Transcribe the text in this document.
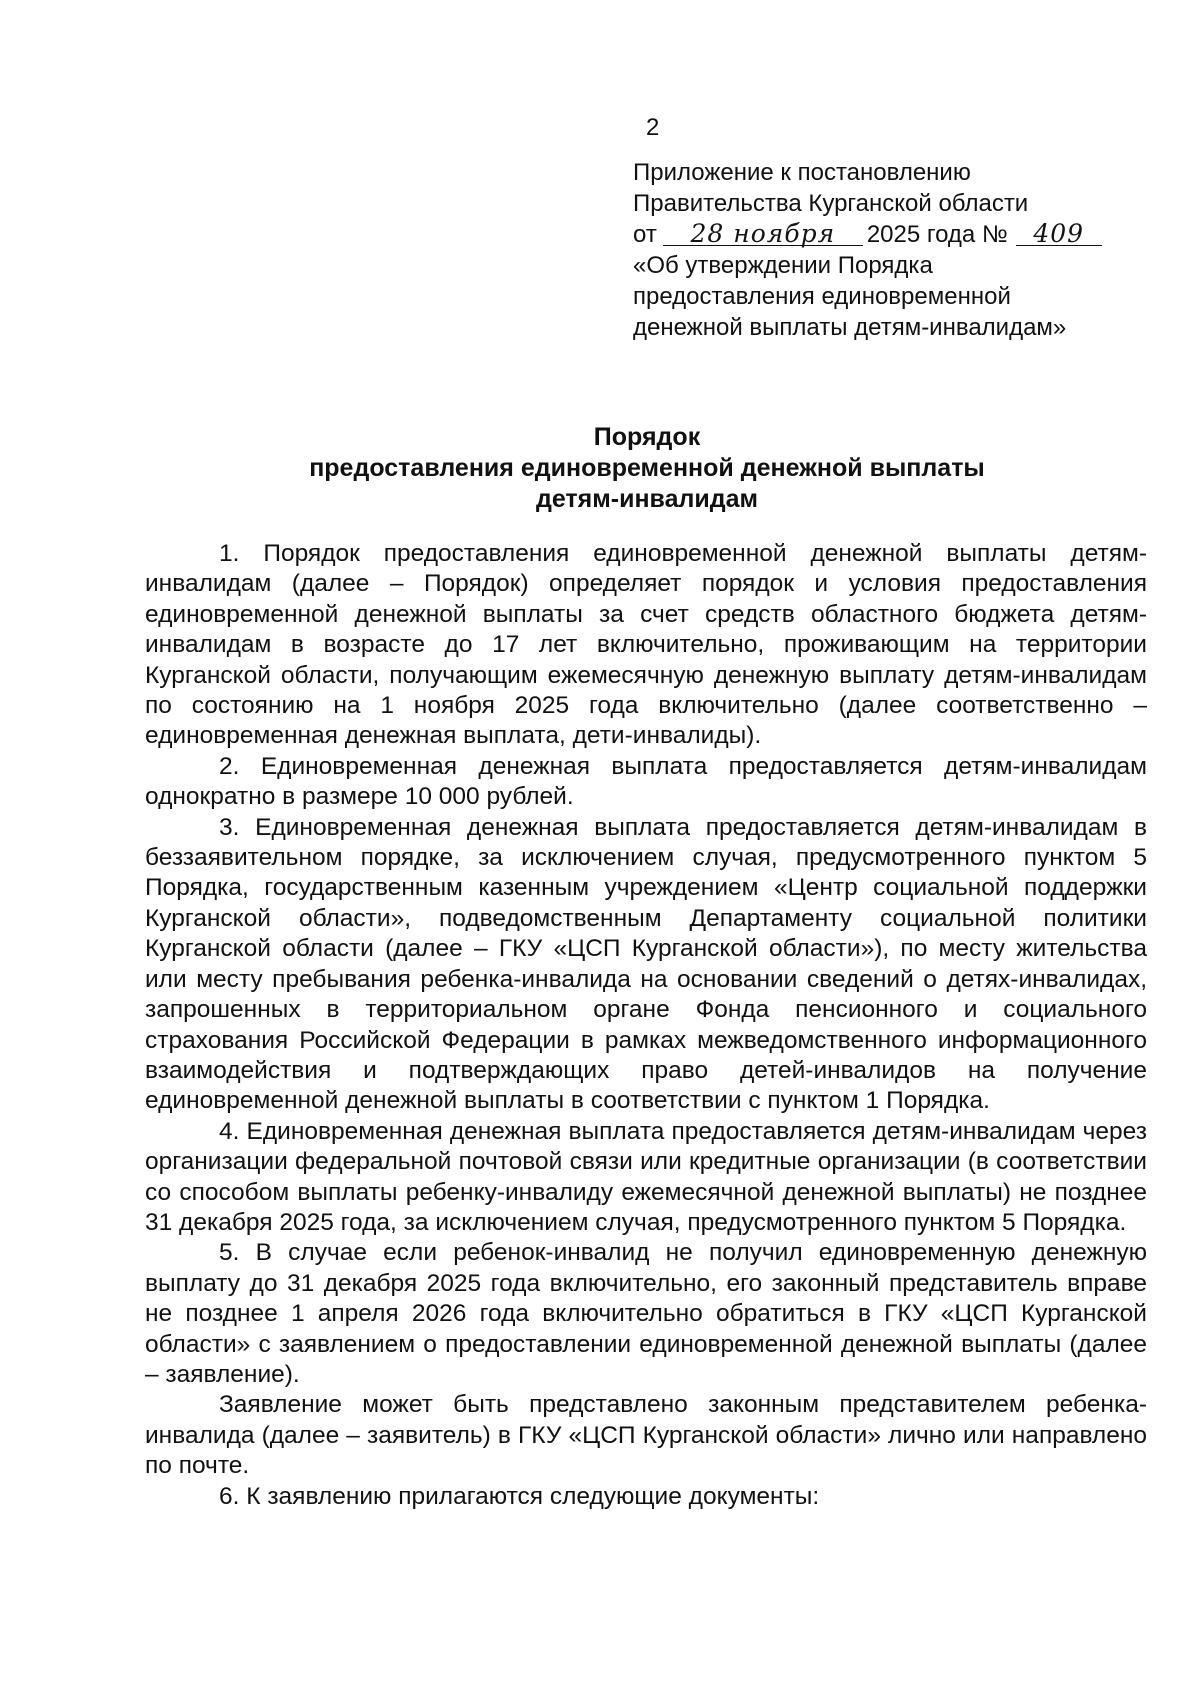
2
Приложение к постановлению
Правительства Курганской области
от 28 ноября 2025 года № 409
«Об утверждении Порядка
предоставления единовременной
денежной выплаты детям-инвалидам»
Порядок
предоставления единовременной денежной выплаты
детям-инвалидам

1. Порядок предоставления единовременной денежной выплаты детям-инвалидам (далее – Порядок) определяет порядок и условия предоставления единовременной денежной выплаты за счет средств областного бюджета детям-инвалидам в возрасте до 17 лет включительно, проживающим на территории Курганской области, получающим ежемесячную денежную выплату детям-инвалидам по состоянию на 1 ноября 2025 года включительно (далее соответственно – единовременная денежная выплата, дети-инвалиды).

2. Единовременная денежная выплата предоставляется детям-инвалидам однократно в размере 10 000 рублей.

3. Единовременная денежная выплата предоставляется детям-инвалидам в беззаявительном порядке, за исключением случая, предусмотренного пунктом 5 Порядка, государственным казенным учреждением «Центр социальной поддержки Курганской области», подведомственным Департаменту социальной политики Курганской области (далее – ГКУ «ЦСП Курганской области»), по месту жительства или месту пребывания ребенка-инвалида на основании сведений о детях-инвалидах, запрошенных в территориальном органе Фонда пенсионного и социального страхования Российской Федерации в рамках межведомственного информационного взаимодействия и подтверждающих право детей-инвалидов на получение единовременной денежной выплаты в соответствии с пунктом 1 Порядка.

4. Единовременная денежная выплата предоставляется детям-инвалидам через организации федеральной почтовой связи или кредитные организации (в соответствии со способом выплаты ребенку-инвалиду ежемесячной денежной выплаты) не позднее 31 декабря 2025 года, за исключением случая, предусмотренного пунктом 5 Порядка.

5. В случае если ребенок-инвалид не получил единовременную денежную выплату до 31 декабря 2025 года включительно, его законный представитель вправе не позднее 1 апреля 2026 года включительно обратиться в ГКУ «ЦСП Курганской области» с заявлением о предоставлении единовременной денежной выплаты (далее – заявление).

Заявление может быть представлено законным представителем ребенка-инвалида (далее – заявитель) в ГКУ «ЦСП Курганской области» лично или направлено по почте.

6. К заявлению прилагаются следующие документы:
